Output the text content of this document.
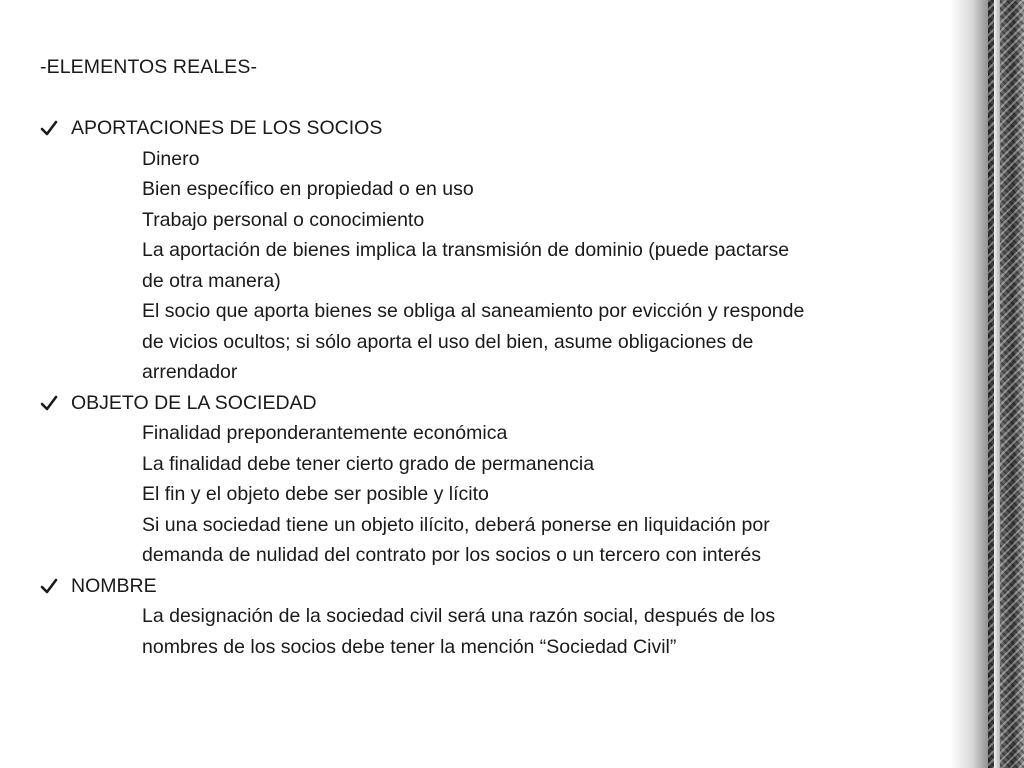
-ELEMENTOS REALES-
APORTACIONES DE LOS SOCIOS
Dinero
Bien específico en propiedad o en uso
Trabajo personal o conocimiento
La aportación de bienes implica la transmisión de dominio (puede pactarse
de otra manera)
El socio que aporta bienes se obliga al saneamiento por evicción y responde
de vicios ocultos; si sólo aporta el uso del bien, asume obligaciones de
arrendador
OBJETO DE LA SOCIEDAD
Finalidad preponderantemente económica
La finalidad debe tener cierto grado de permanencia
El fin y el objeto debe ser posible y lícito
Si una sociedad tiene un objeto ilícito, deberá ponerse en liquidación por
demanda de nulidad del contrato por los socios o un tercero con interés
NOMBRE
La designación de la sociedad civil será una razón social, después de los
nombres de los socios debe tener la mención “Sociedad Civil”
